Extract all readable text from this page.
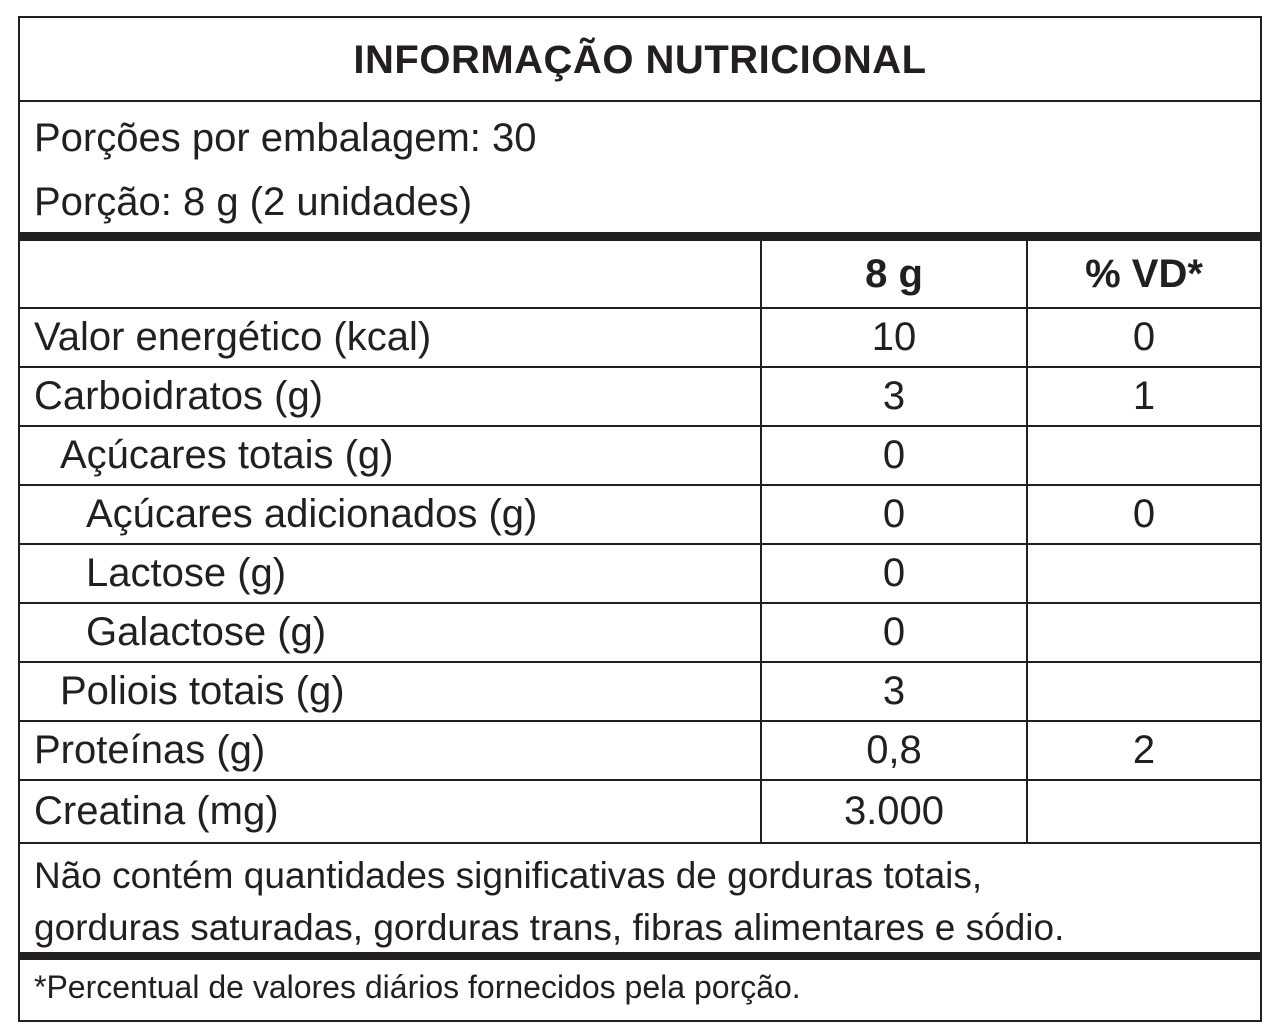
INFORMAÇÃO NUTRICIONAL
Porções por embalagem: 30
Porção: 8 g (2 unidades)
	8 g	% VD*
Valor energético (kcal)	10	0
Carboidratos (g)	3	1
Açúcares totais (g)	0	
Açúcares adicionados (g)	0	0
Lactose (g)	0	
Galactose (g)	0	
Poliois totais (g)	3	
Proteínas (g)	0,8	2
Creatina (mg)	3.000	
Não contém quantidades significativas de gorduras totais,
gorduras saturadas, gorduras trans, fibras alimentares e sódio.
*Percentual de valores diários fornecidos pela porção.
